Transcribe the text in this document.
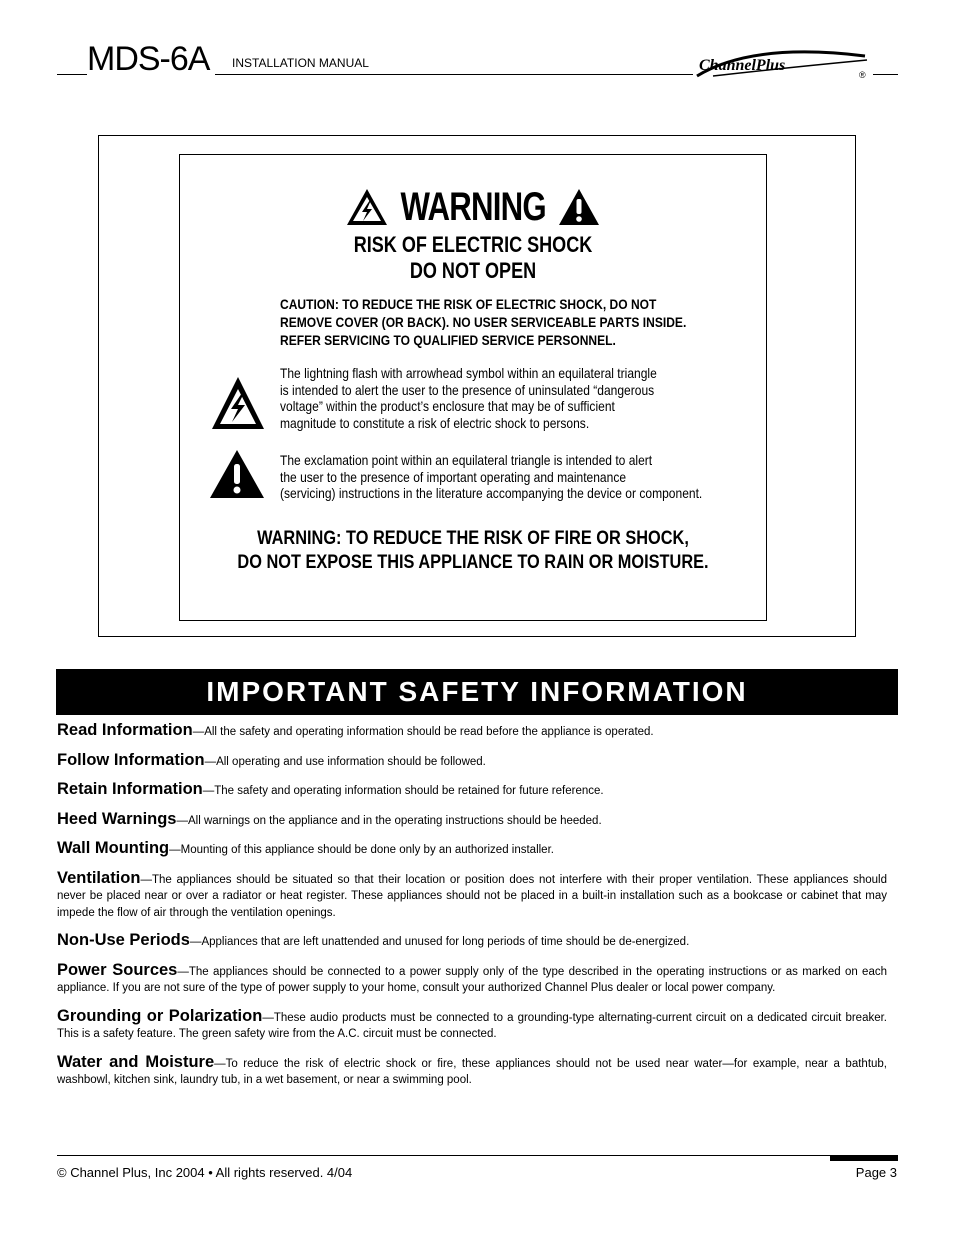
MDS-6A	INSTALLATION MANUAL	ChannelPlus
®
WARNING
RISK OF ELECTRIC SHOCK
DO NOT OPEN
CAUTION: TO REDUCE THE RISK OF ELECTRIC SHOCK, DO NOT
REMOVE COVER (OR BACK). NO USER SERVICEABLE PARTS INSIDE.
REFER SERVICING TO QUALIFIED SERVICE PERSONNEL.
The lightning flash with arrowhead symbol within an equilateral triangle
is intended to alert the user to the presence of uninsulated “dangerous
voltage” within the product’s enclosure that may be of sufficient
magnitude to constitute a risk of electric shock to persons.
The exclamation point within an equilateral triangle is intended to alert
the user to the presence of important operating and maintenance
(servicing) instructions in the literature accompanying the device or component.
WARNING: TO REDUCE THE RISK OF FIRE OR SHOCK,
DO NOT EXPOSE THIS APPLIANCE TO RAIN OR MOISTURE.
IMPORTANT SAFETY INFORMATION
Read Information—All the safety and operating information should be read before the appliance is operated.
Follow Information—All operating and use information should be followed.
Retain Information—The safety and operating information should be retained for future reference.
Heed Warnings—All warnings on the appliance and in the operating instructions should be heeded.
Wall Mounting—Mounting of this appliance should be done only by an authorized installer.
Ventilation—The appliances should be situated so that their location or position does not interfere with their proper ventilation. These appliances should never be placed near or over a radiator or heat register. These appliances should not be placed in a built-in installation such as a bookcase or cabinet that may impede the flow of air through the ventilation openings.
Non-Use Periods—Appliances that are left unattended and unused for long periods of time should be de-energized.
Power Sources—The appliances should be connected to a power supply only of the type described in the operating instructions or as marked on each appliance. If you are not sure of the type of power supply to your home, consult your authorized Channel Plus dealer or local power company.
Grounding or Polarization—These audio products must be connected to a grounding-type alternating-current circuit on a dedicated circuit breaker. This is a safety feature. The green safety wire from the A.C. circuit must be connected.
Water and Moisture—To reduce the risk of electric shock or fire, these appliances should not be used near water—for example, near a bathtub, washbowl, kitchen sink, laundry tub, in a wet basement, or near a swimming pool.
© Channel Plus, Inc 2004 • All rights reserved. 4/04	Page 3
